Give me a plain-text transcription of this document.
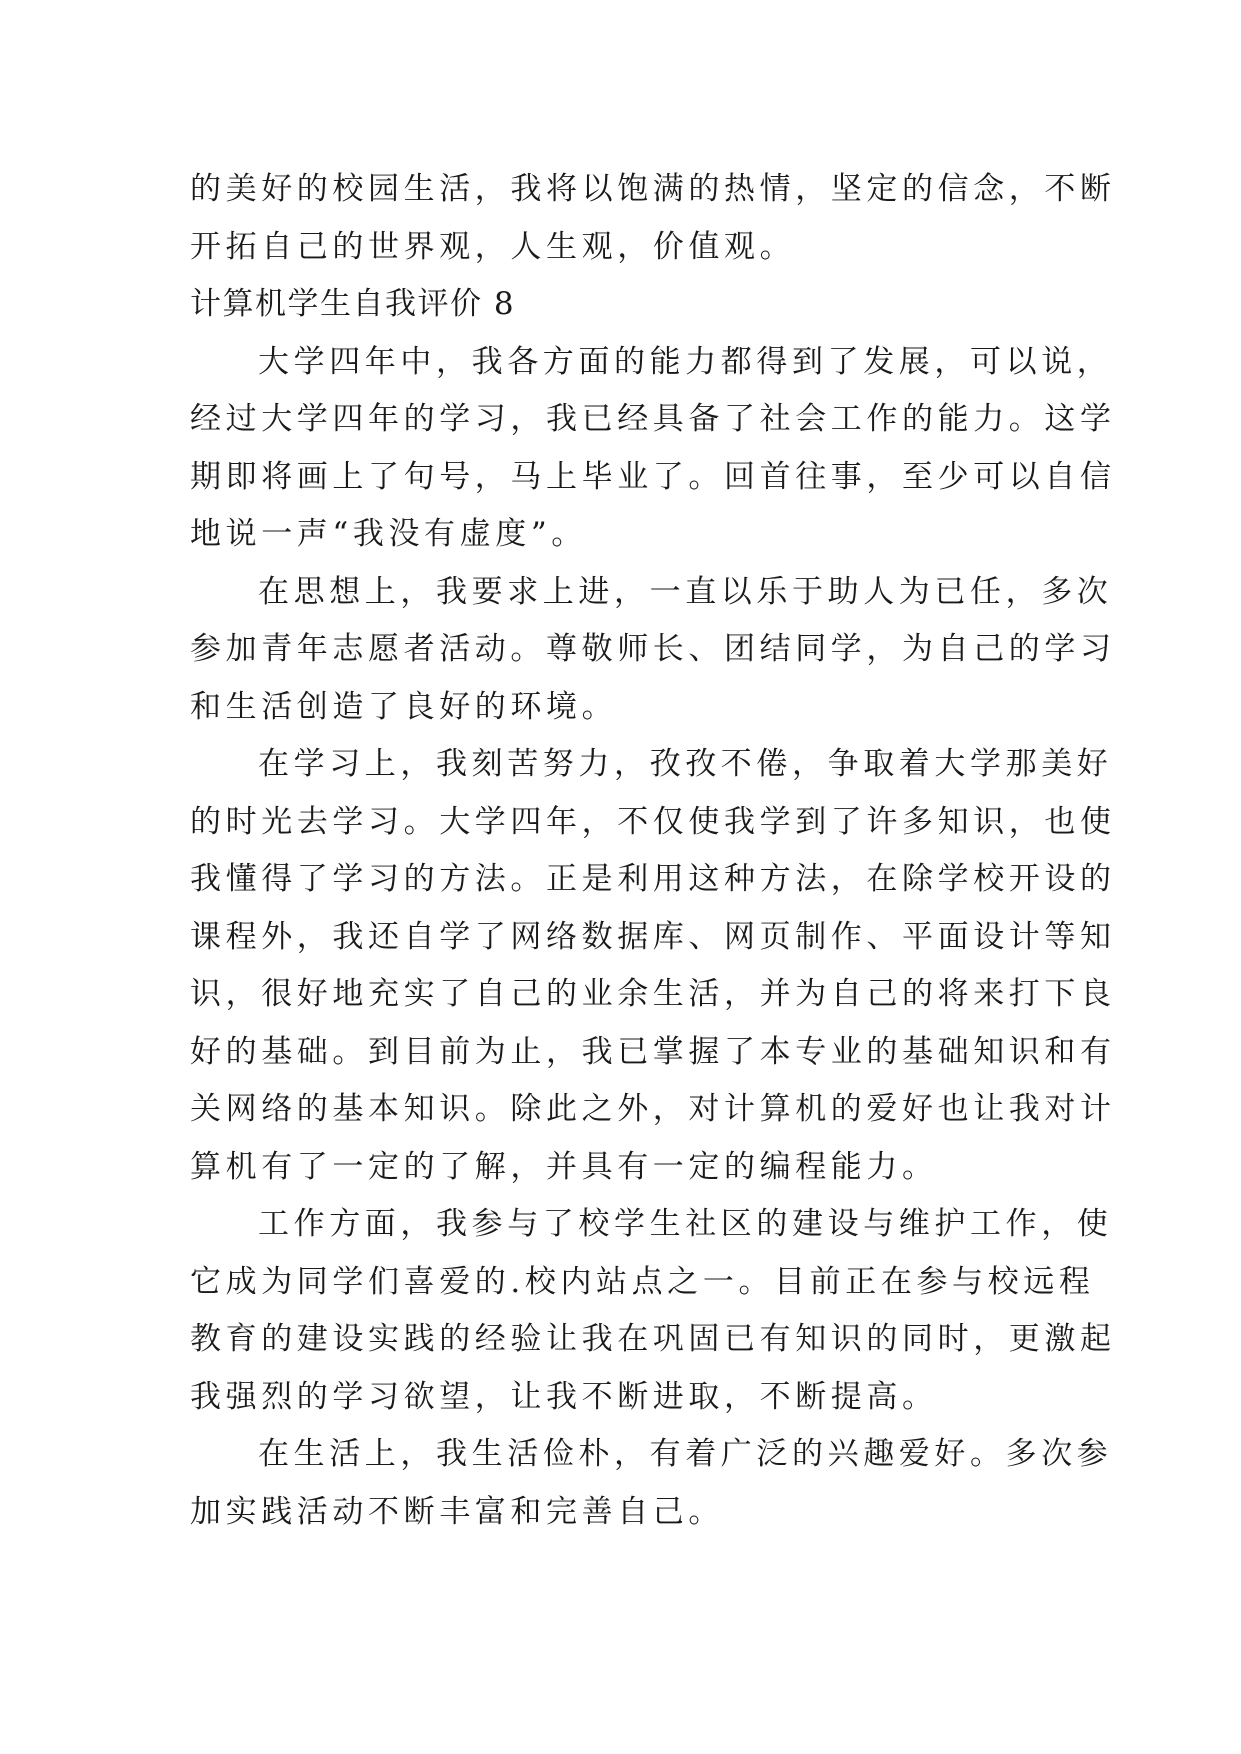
的美好的校园生活，我将以饱满的热情，坚定的信念，不断
开拓自己的世界观，人生观，价值观。
计算机学生自我评价 8
大学四年中，我各方面的能力都得到了发展，可以说，
经过大学四年的学习，我已经具备了社会工作的能力。这学
期即将画上了句号，马上毕业了。回首往事，至少可以自信
地说一声“我没有虚度”。
在思想上，我要求上进，一直以乐于助人为已任，多次
参加青年志愿者活动。尊敬师长、团结同学，为自己的学习
和生活创造了良好的环境。
在学习上，我刻苦努力，孜孜不倦，争取着大学那美好
的时光去学习。大学四年，不仅使我学到了许多知识，也使
我懂得了学习的方法。正是利用这种方法，在除学校开设的
课程外，我还自学了网络数据库、网页制作、平面设计等知
识，很好地充实了自己的业余生活，并为自己的将来打下良
好的基础。到目前为止，我已掌握了本专业的基础知识和有
关网络的基本知识。除此之外，对计算机的爱好也让我对计
算机有了一定的了解，并具有一定的编程能力。
工作方面，我参与了校学生社区的建设与维护工作，使
它成为同学们喜爱的.校内站点之一。目前正在参与校远程
教育的建设实践的经验让我在巩固已有知识的同时，更激起
我强烈的学习欲望，让我不断进取，不断提高。
在生活上，我生活俭朴，有着广泛的兴趣爱好。多次参
加实践活动不断丰富和完善自己。
